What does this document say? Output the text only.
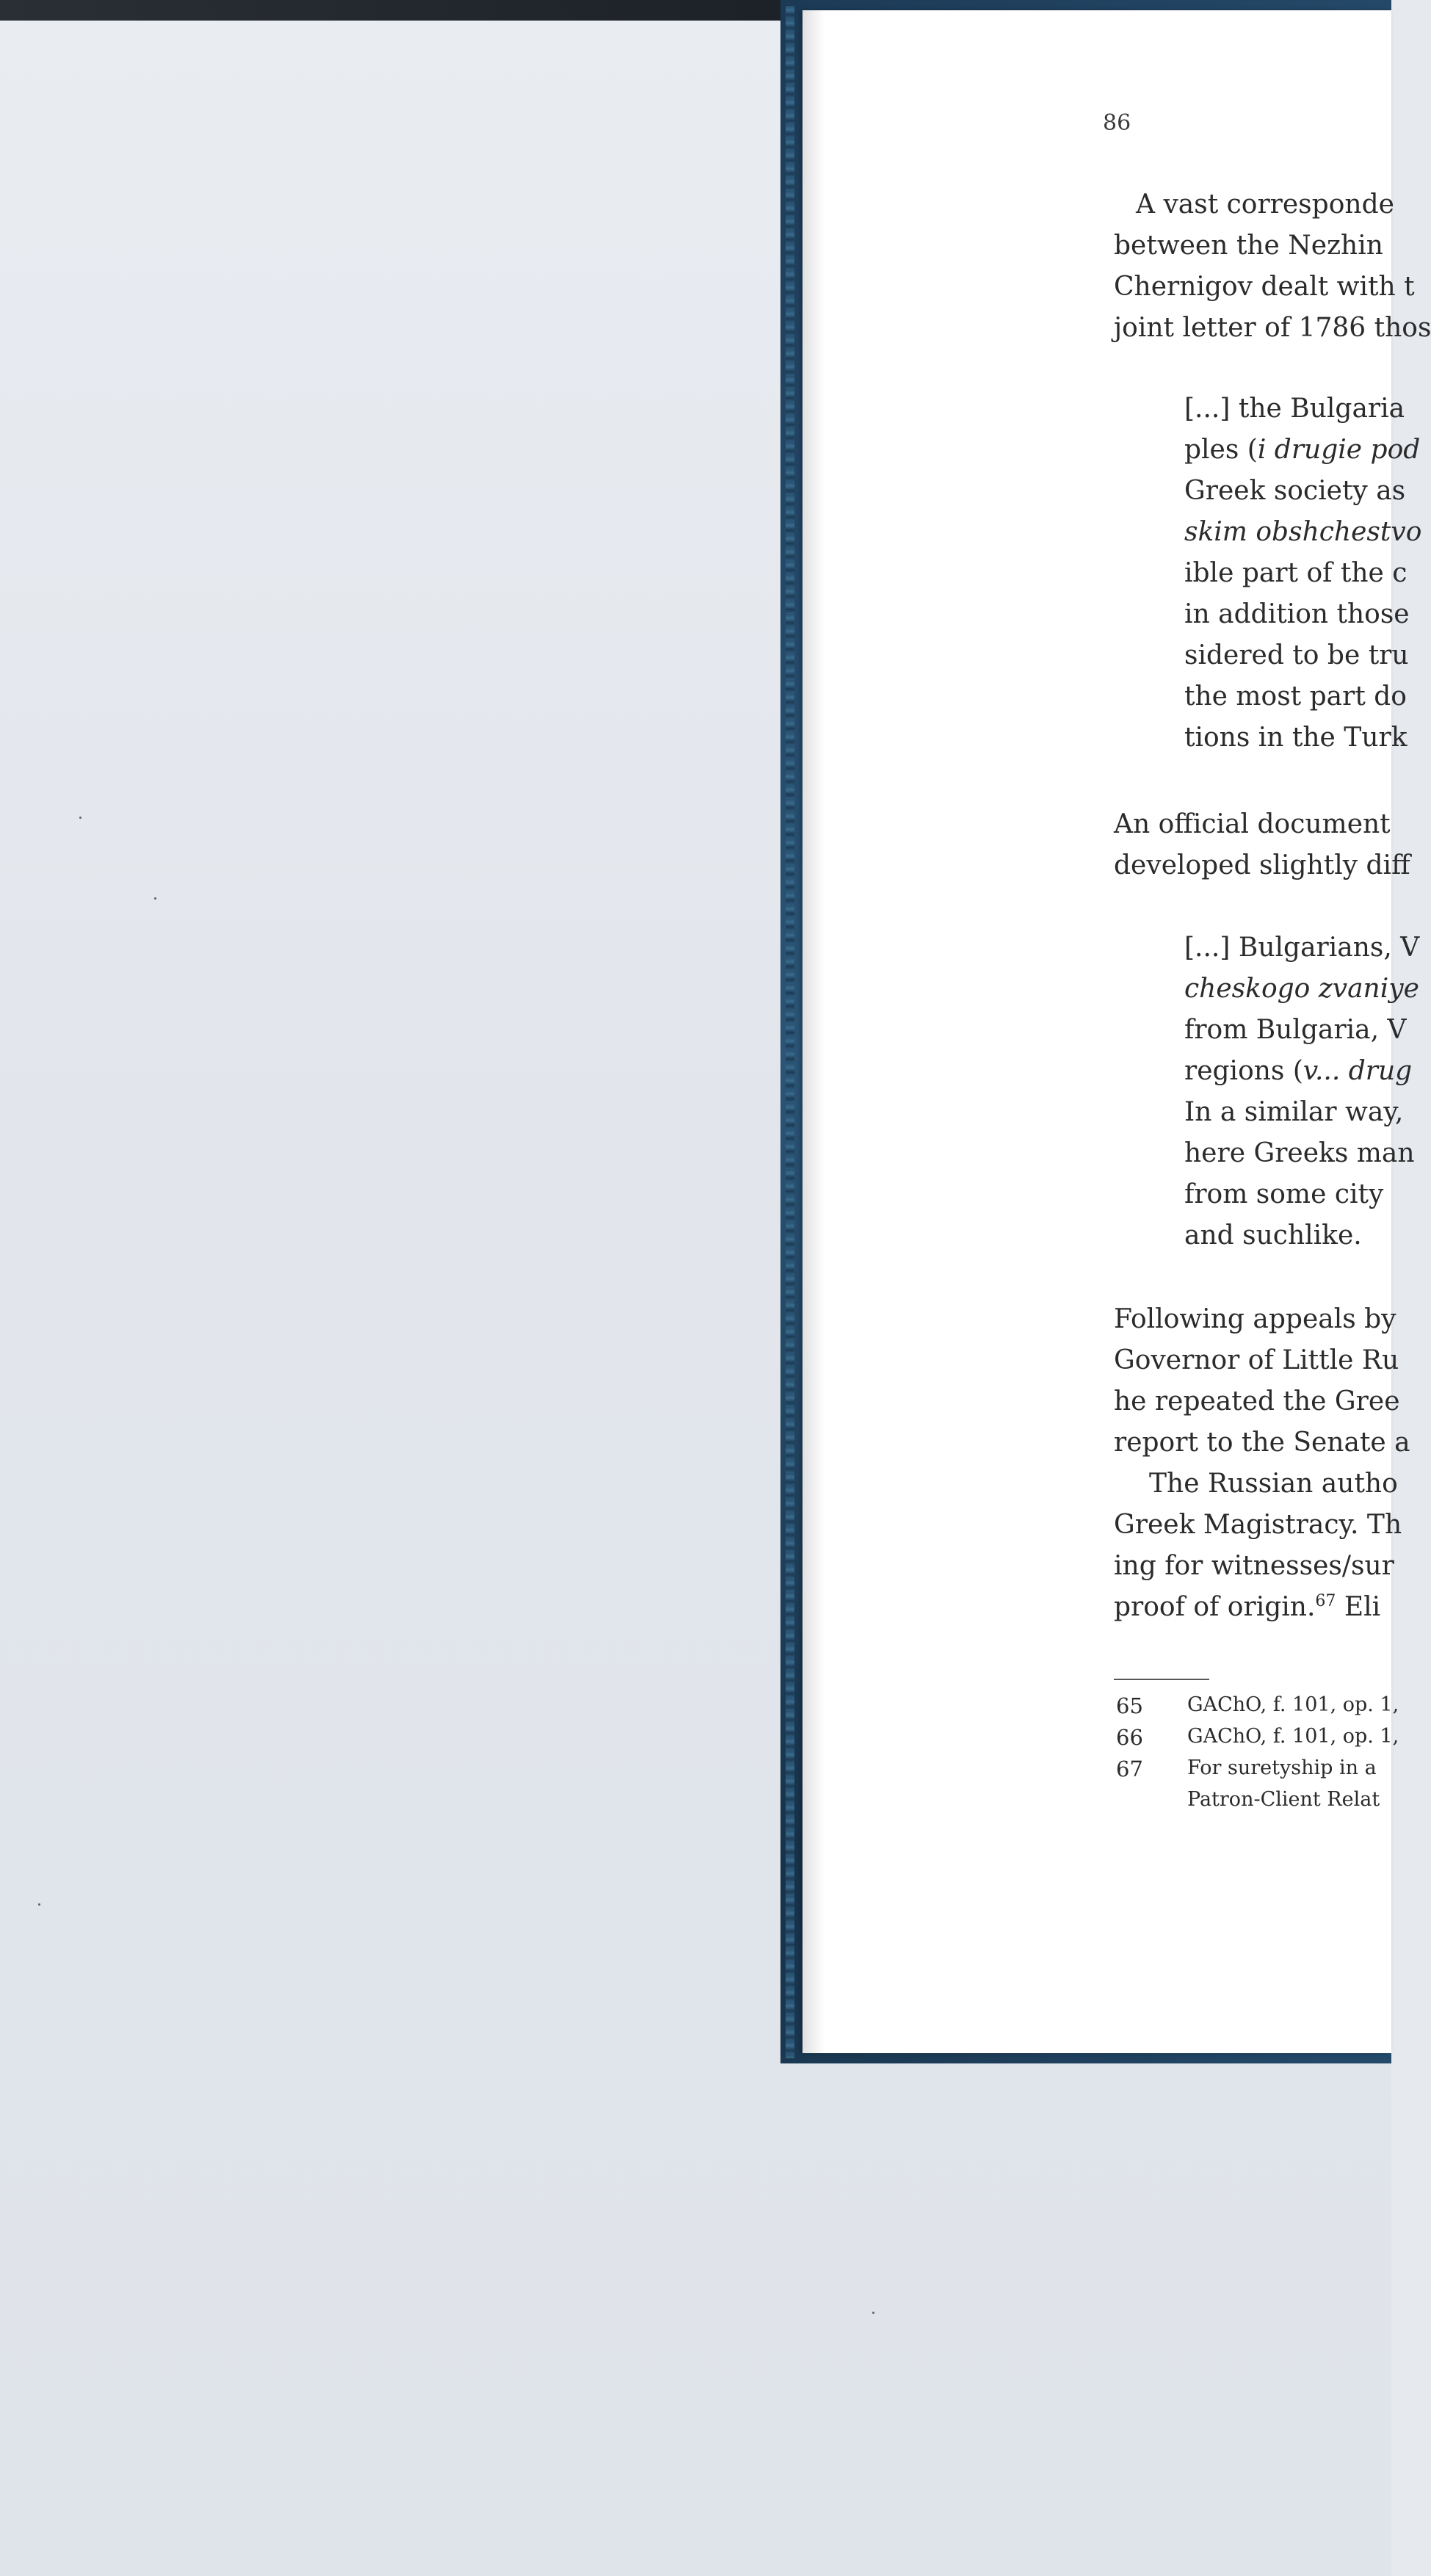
86
A vast corresponde
between the Nezhin
Chernigov dealt with t
joint letter of 1786 thos
[...] the Bulgaria
ples (i drugie pod
Greek society as
skim obshchestvo
ible part of the c
in addition those
sidered to be tru
the most part do
tions in the Turk
An official document
developed slightly diff
[...] Bulgarians, V
cheskogo zvaniye
from Bulgaria, V
regions (v... drug
In a similar way,
here Greeks man
from some city
and suchlike.
Following appeals by
Governor of Little Ru
he repeated the Gree
report to the Senate a
The Russian autho
Greek Magistracy. Th
ing for witnesses/sur
proof of origin.$^{67}$ Eli
65 GAChO, f. 101, op. 1,
66 GAChO, f. 101, op. 1,
67 For suretyship in a
Patron-Client Relat
